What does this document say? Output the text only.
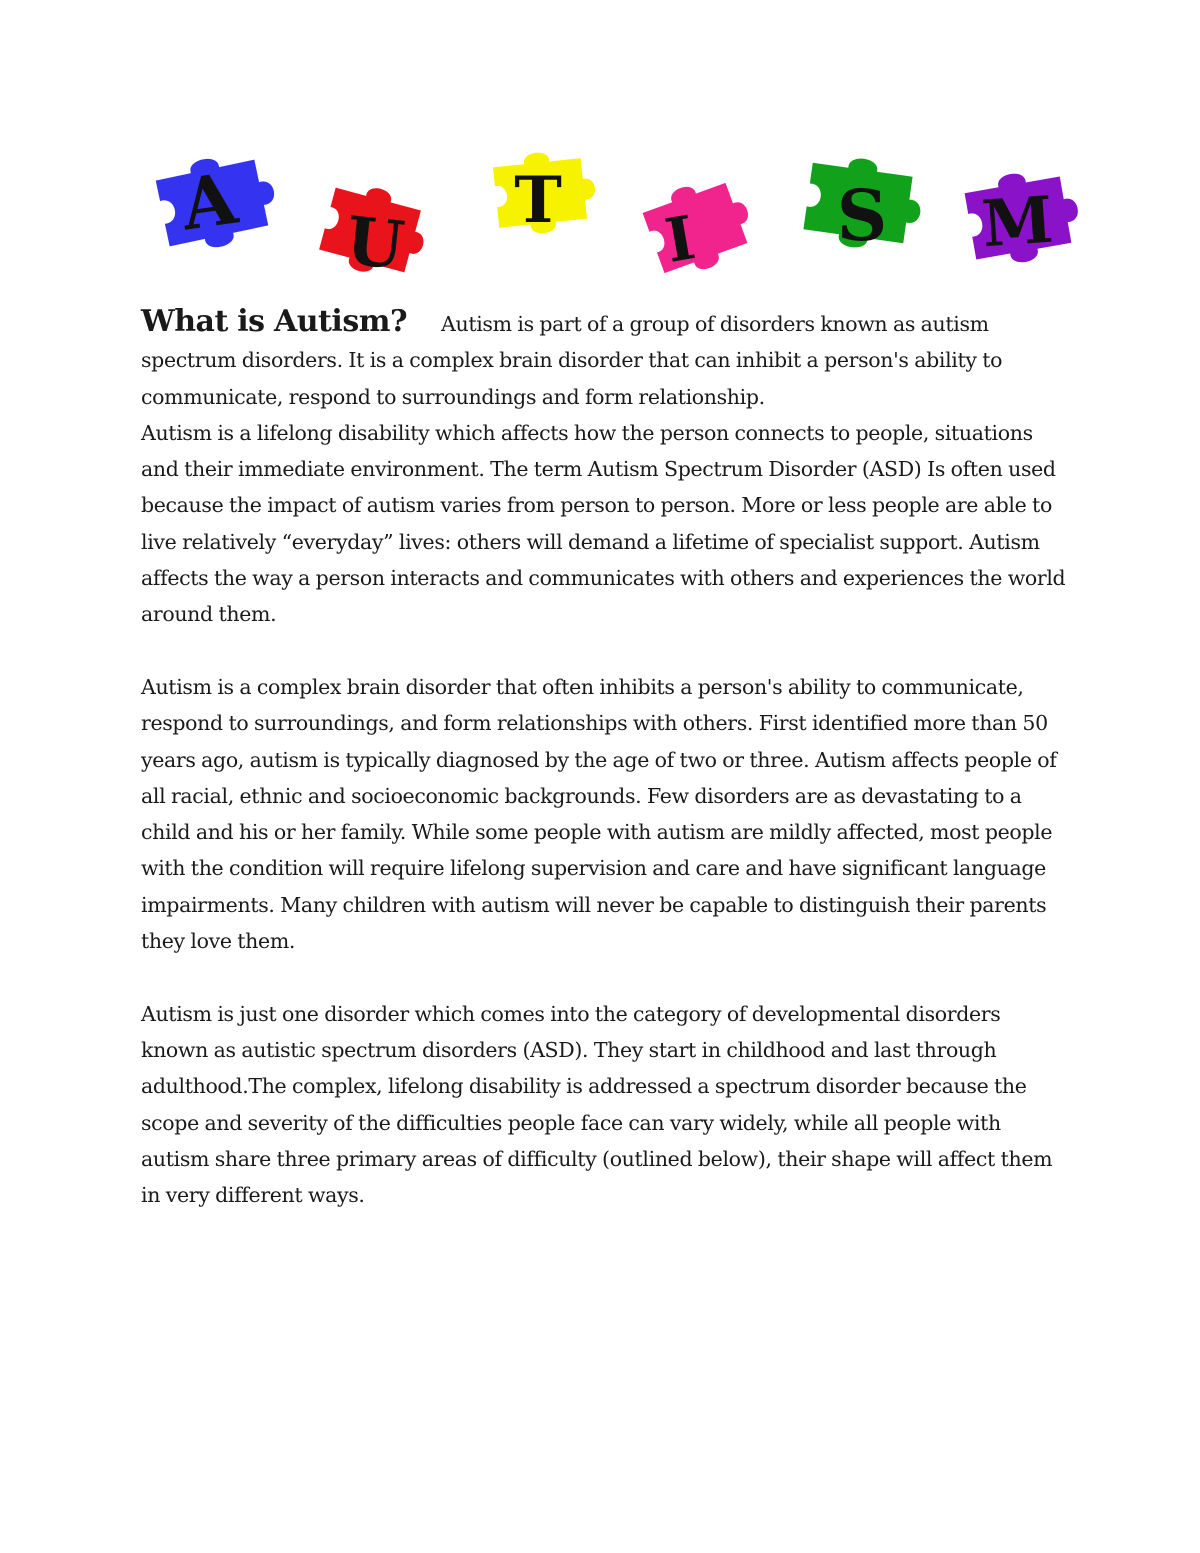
A U
T
I S M

What is Autism? Autism is part of a group of disorders known as autism spectrum disorders. It is a complex brain disorder that can inhibit a person's ability to communicate, respond to surroundings and form relationship.

Autism is a lifelong disability which affects how the person connects to people, situations and their immediate environment. The term Autism Spectrum Disorder (ASD) Is often used because the impact of autism varies from person to person. More or less people are able to live relatively “everyday” lives: others will demand a lifetime of specialist support. Autism affects the way a person interacts and communicates with others and experiences the world around them.

Autism is a complex brain disorder that often inhibits a person's ability to communicate, respond to surroundings, and form relationships with others. First identified more than 50 years ago, autism is typically diagnosed by the age of two or three. Autism affects people of all racial, ethnic and socioeconomic backgrounds. Few disorders are as devastating to a child and his or her family. While some people with autism are mildly affected, most people with the condition will require lifelong supervision and care and have significant language impairments. Many children with autism will never be capable to distinguish their parents they love them.

Autism is just one disorder which comes into the category of developmental disorders known as autistic spectrum disorders (ASD). They start in childhood and last through adulthood.The complex, lifelong disability is addressed a spectrum disorder because the scope and severity of the difficulties people face can vary widely, while all people with autism share three primary areas of difficulty (outlined below), their shape will affect them in very different ways.
